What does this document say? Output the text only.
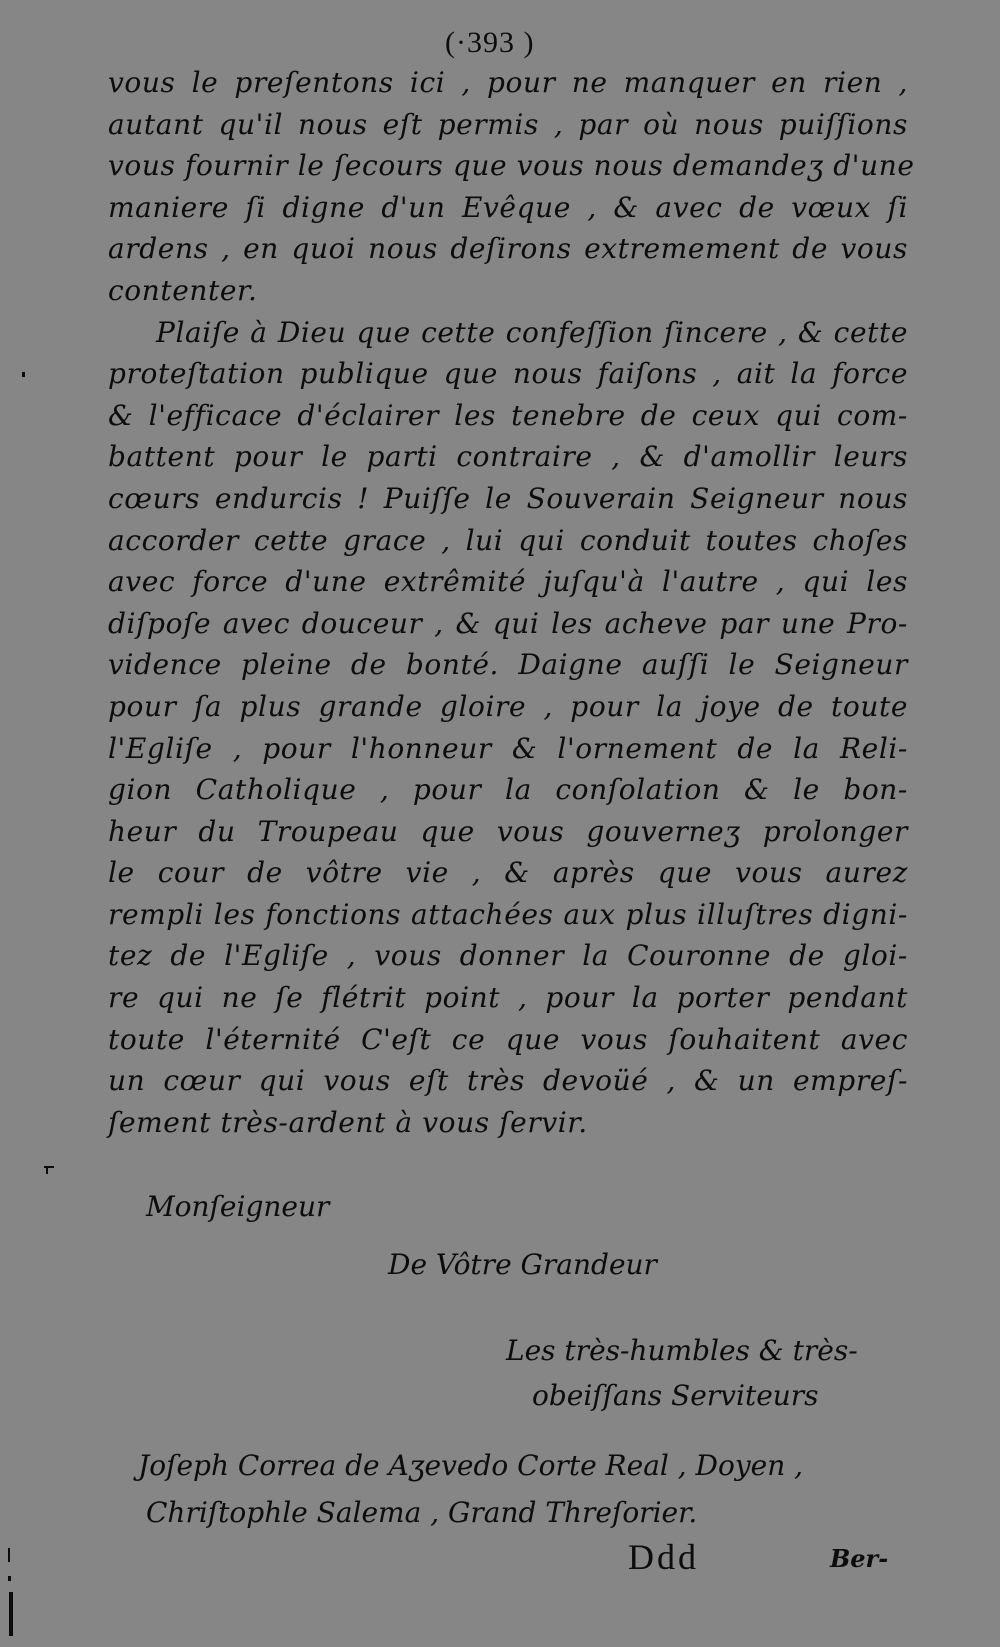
(·393 )
vous le preſentons ici , pour ne manquer en rien ,
autant qu'il nous eſt permis , par où nous puiſſions
vous fournir le ſecours que vous nous demandeʒ d'une
maniere ſi digne d'un Evêque , & avec de vœux ſi
ardens , en quoi nous deſirons extremement de vous
contenter.
Plaiſe à Dieu que cette confeſſion ſincere , & cette
proteſtation publique que nous faiſons , ait la force
& l'efficace d'éclairer les tenebre de ceux qui com-
battent pour le parti contraire , & d'amollir leurs
cœurs endurcis ! Puiſſe le Souverain Seigneur nous
accorder cette grace , lui qui conduit toutes choſes
avec force d'une extrêmité juſqu'à l'autre , qui les
diſpoſe avec douceur , & qui les acheve par une Pro-
vidence pleine de bonté. Daigne auſſi le Seigneur
pour ſa plus grande gloire , pour la joye de toute
l'Egliſe , pour l'honneur & l'ornement de la Reli-
gion Catholique , pour la conſolation & le bon-
heur du Troupeau que vous gouverneʒ prolonger
le cour de vôtre vie , & après que vous aurez
rempli les fonctions attachées aux plus illuſtres digni-
tez de l'Egliſe , vous donner la Couronne de gloi-
re qui ne ſe flétrit point , pour la porter pendant
toute l'éternité C'eſt ce que vous ſouhaitent avec
un cœur qui vous eſt très devoüé , & un empreſ-
ſement très-ardent à vous ſervir.
Monſeigneur
De Vôtre Grandeur
Les très-humbles & très-
obeiſſans Serviteurs
Joſeph Correa de Aʒevedo Corte Real , Doyen ,
Chriſtophle Salema , Grand Threſorier.
Ddd	Ber-
